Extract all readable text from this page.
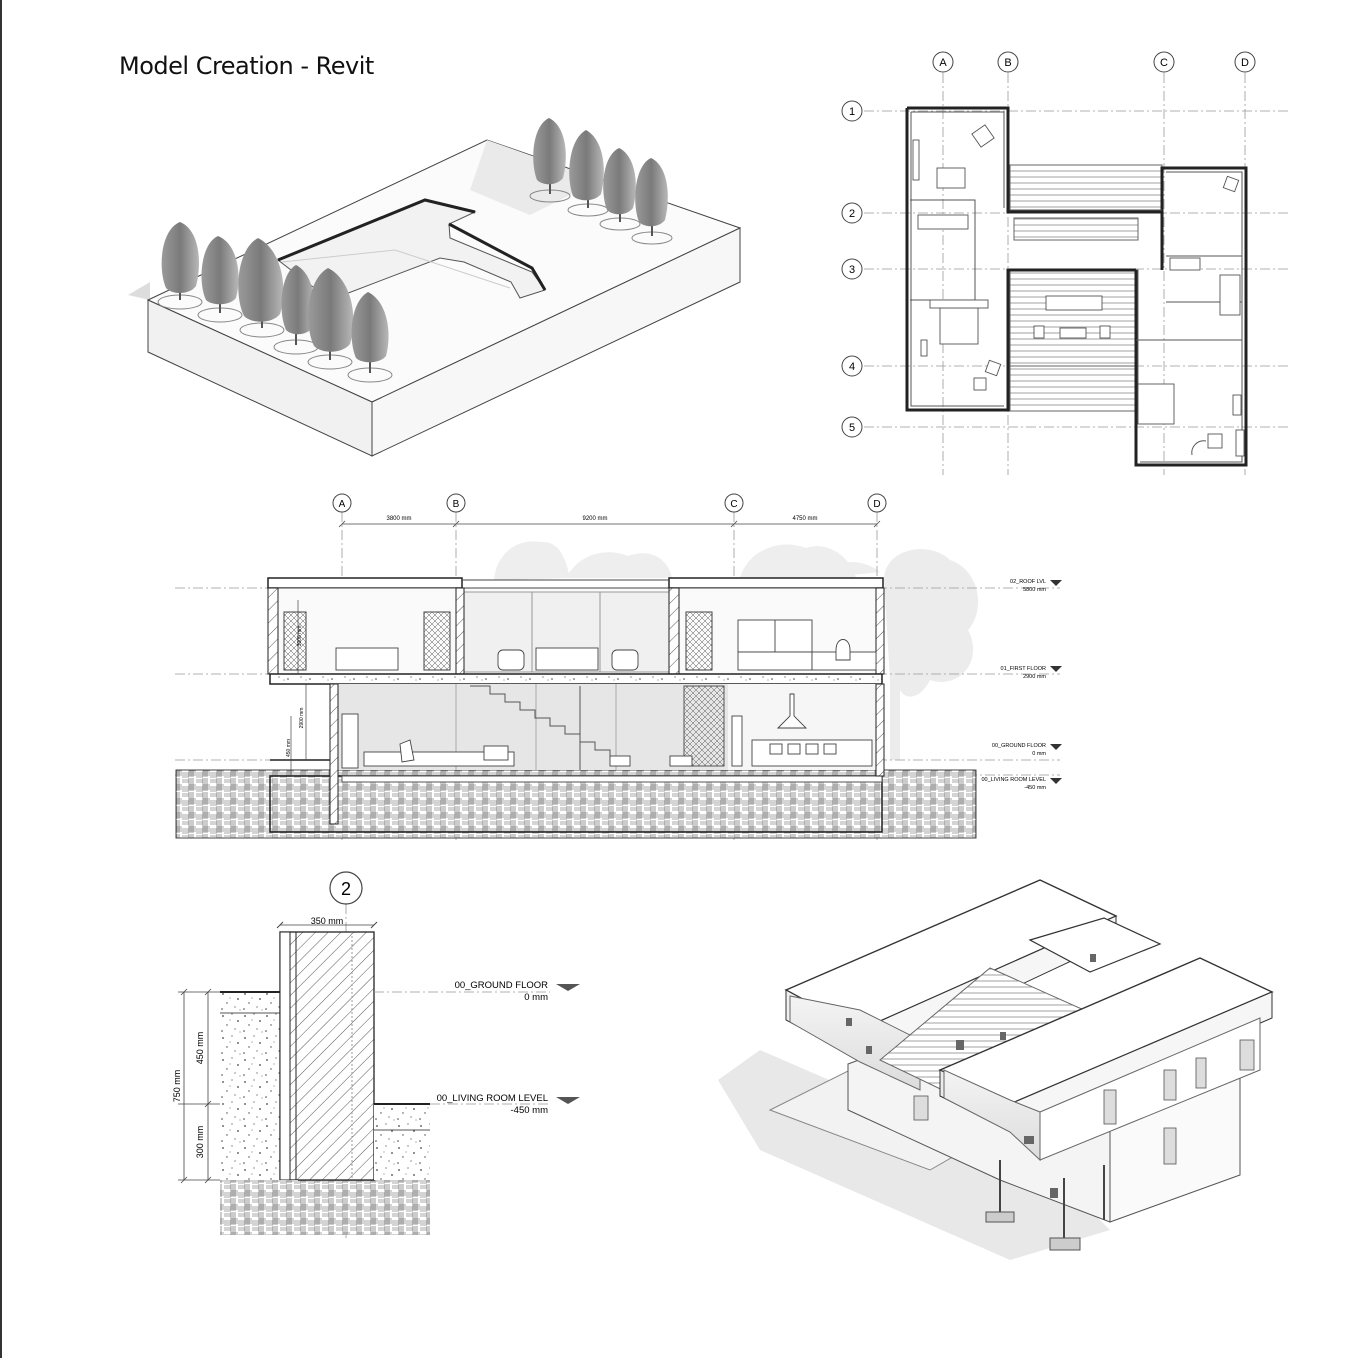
Model Creation - Revit	A	B	C	D
1
2
3
4
5
A	B	C	D
3800 mm	9200 mm	4750 mm
3000 mm
2900 mm
450 mm
02_ROOF LVL
5800 mm
01_FIRST FLOOR
2900 mm
00_GROUND FLOOR
0 mm
00_LIVING ROOM LEVEL
-450 mm
2
350 mm
00_GROUND FLOOR
0 mm
00_LIVING ROOM LEVEL
-450 mm
750 mm
450 mm
300 mm
